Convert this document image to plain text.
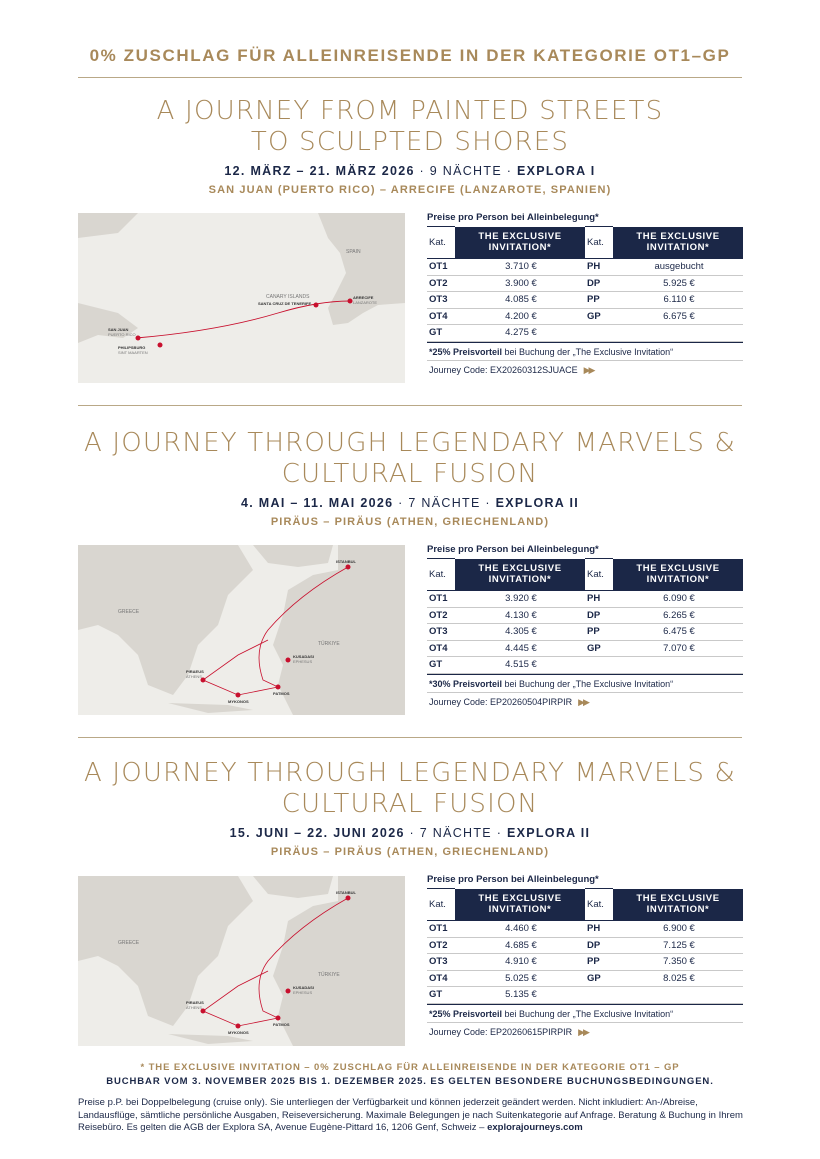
0% ZUSCHLAG FÜR ALLEINREISENDE IN DER KATEGORIE OT1–GP
A JOURNEY FROM PAINTED STREETS
TO SCULPTED SHORES
12. MÄRZ – 21. MÄRZ 2026 · 9 NÄCHTE · EXPLORA I
SAN JUAN (PUERTO RICO) – ARRECIFE (LANZAROTE, SPANIEN)
SPAIN
CANARY ISLANDS
SANTA CRUZ DE TENERIFE
ARRECIFE
LANZAROTE
SAN JUAN
PUERTO RICO
PHILIPSBURG
SINT MAARTEN
Preise pro Person bei Alleinbelegung*
Kat.	THE EXCLUSIVE
INVITATION*	Kat.	THE EXCLUSIVE
INVITATION*
OT1	3.710 €	PH	ausgebucht
OT2	3.900 €	DP	5.925 €
OT3	4.085 €	PP	6.110 €
OT4	4.200 €	GP	6.675 €
GT	4.275 €		
*25% Preisvorteil bei Buchung der „The Exclusive Invitation“
Journey Code: EX20260312SJUACE ▶▶
A JOURNEY THROUGH LEGENDARY MARVELS &
CULTURAL FUSION
4. MAI – 11. MAI 2026 · 7 NÄCHTE · EXPLORA II
PIRÄUS – PIRÄUS (ATHEN, GRIECHENLAND)
GREECE
TÜRKIYE
ISTANBUL
PIRAEUS
ATHENS
MYKONOS
PATMOS
KUSADASI
EPHESUS
Preise pro Person bei Alleinbelegung*
Kat.	THE EXCLUSIVE
INVITATION*	Kat.	THE EXCLUSIVE
INVITATION*
OT1	3.920 €	PH	6.090 €
OT2	4.130 €	DP	6.265 €
OT3	4.305 €	PP	6.475 €
OT4	4.445 €	GP	7.070 €
GT	4.515 €		
*30% Preisvorteil bei Buchung der „The Exclusive Invitation“
Journey Code: EP20260504PIRPIR ▶▶
A JOURNEY THROUGH LEGENDARY MARVELS &
CULTURAL FUSION
15. JUNI – 22. JUNI 2026 · 7 NÄCHTE · EXPLORA II
PIRÄUS – PIRÄUS (ATHEN, GRIECHENLAND)
GREECE
TÜRKIYE
ISTANBUL
PIRAEUS
ATHENS
MYKONOS
PATMOS
KUSADASI
EPHESUS
Preise pro Person bei Alleinbelegung*
Kat.	THE EXCLUSIVE
INVITATION*	Kat.	THE EXCLUSIVE
INVITATION*
OT1	4.460 €	PH	6.900 €
OT2	4.685 €	DP	7.125 €
OT3	4.910 €	PP	7.350 €
OT4	5.025 €	GP	8.025 €
GT	5.135 €		
*25% Preisvorteil bei Buchung der „The Exclusive Invitation“
Journey Code: EP20260615PIRPIR ▶▶
* THE EXCLUSIVE INVITATION – 0% ZUSCHLAG FÜR ALLEINREISENDE IN DER KATEGORIE OT1 – GP
BUCHBAR VOM 3. NOVEMBER 2025 BIS 1. DEZEMBER 2025. ES GELTEN BESONDERE BUCHUNGSBEDINGUNGEN.
Preise p.P. bei Doppelbelegung (cruise only). Sie unterliegen der Verfügbarkeit und können jederzeit geändert werden. Nicht inkludiert: An-/Abreise, Landausflüge, sämtliche persönliche Ausgaben, Reiseversicherung. Maximale Belegungen je nach Suitenkategorie auf Anfrage. Beratung & Buchung in Ihrem Reisebüro. Es gelten die AGB der Explora SA, Avenue Eugène-Pittard 16, 1206 Genf, Schweiz – explorajourneys.com
